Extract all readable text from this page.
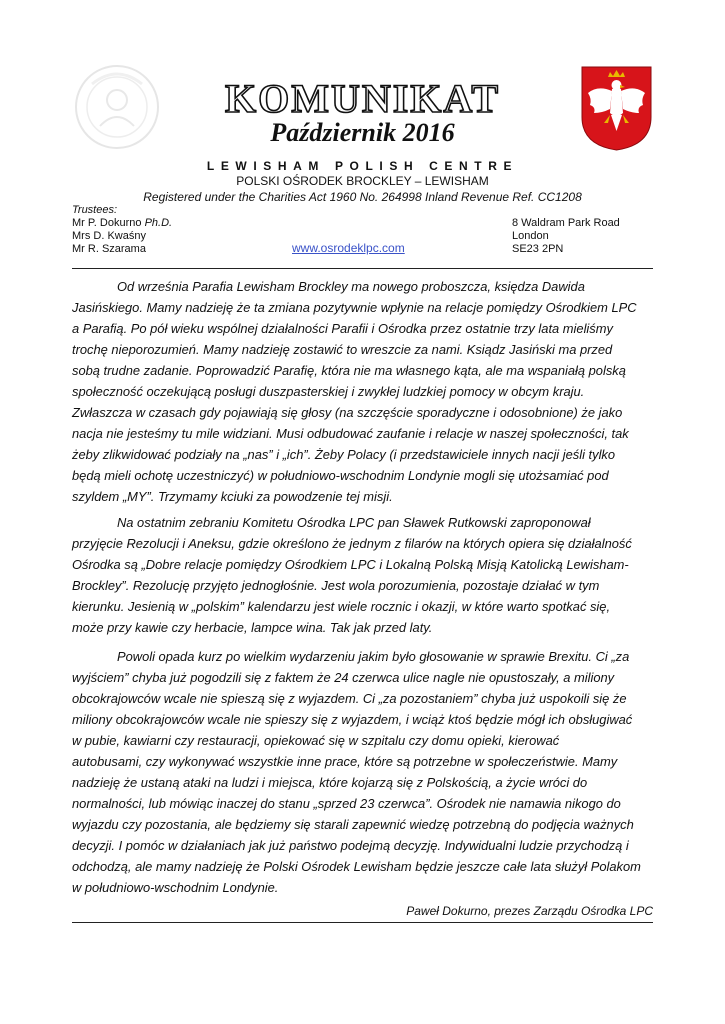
KOMUNIKAT
Październik 2016
LEWISHAM POLISH CENTRE
POLSKI OŚRODEK BROCKLEY – LEWISHAM
Registered under the Charities Act 1960 No. 264998 Inland Revenue Ref. CC1208
Trustees:
Mr P. Dokurno Ph.D.
Mrs D. Kwaśny
Mr R. Szarama
8 Waldram Park Road
London
SE23 2PN
www.osrodeklpc.com
Od września Parafia Lewisham Brockley ma nowego proboszcza, księdza Dawida
Jasińskiego. Mamy nadzieję że ta zmiana pozytywnie wpłynie na relacje pomiędzy Ośrodkiem LPC
a Parafią. Po pół wieku wspólnej działalności Parafii i Ośrodka przez ostatnie trzy lata mieliśmy
trochę nieporozumień. Mamy nadzieję zostawić to wreszcie za nami. Ksiądz Jasiński ma przed
sobą trudne zadanie. Poprowadzić Parafię, która nie ma własnego kąta, ale ma wspaniałą polską
społeczność oczekującą posługi duszpasterskiej i zwykłej ludzkiej pomocy w obcym kraju.
Zwłaszcza w czasach gdy pojawiają się głosy (na szczęście sporadyczne i odosobnione) że jako
nacja nie jesteśmy tu mile widziani. Musi odbudować zaufanie i relacje w naszej społeczności, tak
żeby zlikwidować podziały na „nas” i „ich”. Żeby Polacy (i przedstawiciele innych nacji jeśli tylko
będą mieli ochotę uczestniczyć) w południowo-wschodnim Londynie mogli się utożsamiać pod
szyldem „MY”. Trzymamy kciuki za powodzenie tej misji.
Na ostatnim zebraniu Komitetu Ośrodka LPC pan Sławek Rutkowski zaproponował
przyjęcie Rezolucji i Aneksu, gdzie określono że jednym z filarów na których opiera się działalność
Ośrodka są „Dobre relacje pomiędzy Ośrodkiem LPC i Lokalną Polską Misją Katolicką Lewisham-
Brockley”. Rezolucję przyjęto jednogłośnie. Jest wola porozumienia, pozostaje działać w tym
kierunku. Jesienią w „polskim” kalendarzu jest wiele rocznic i okazji, w które warto spotkać się,
może przy kawie czy herbacie, lampce wina. Tak jak przed laty.
Powoli opada kurz po wielkim wydarzeniu jakim było głosowanie w sprawie Brexitu. Ci „za
wyjściem” chyba już pogodzili się z faktem że 24 czerwca ulice nagle nie opustoszały, a miliony
obcokrajowców wcale nie spieszą się z wyjazdem. Ci „za pozostaniem” chyba już uspokoili się że
miliony obcokrajowców wcale nie spieszy się z wyjazdem, i wciąż ktoś będzie mógł ich obsługiwać
w pubie, kawiarni czy restauracji, opiekować się w szpitalu czy domu opieki, kierować
autobusami, czy wykonywać wszystkie inne prace, które są potrzebne w społeczeństwie. Mamy
nadzieję że ustaną ataki na ludzi i miejsca, które kojarzą się z Polskością, a życie wróci do
normalności, lub mówiąc inaczej do stanu „sprzed 23 czerwca”. Ośrodek nie namawia nikogo do
wyjazdu czy pozostania, ale będziemy się starali zapewnić wiedzę potrzebną do podjęcia ważnych
decyzji. I pomóc w działaniach jak już państwo podejmą decyzję. Indywidualni ludzie przychodzą i
odchodzą, ale mamy nadzieję że Polski Ośrodek Lewisham będzie jeszcze całe lata służył Polakom
w południowo-wschodnim Londynie.
Paweł Dokurno, prezes Zarządu Ośrodka LPC
